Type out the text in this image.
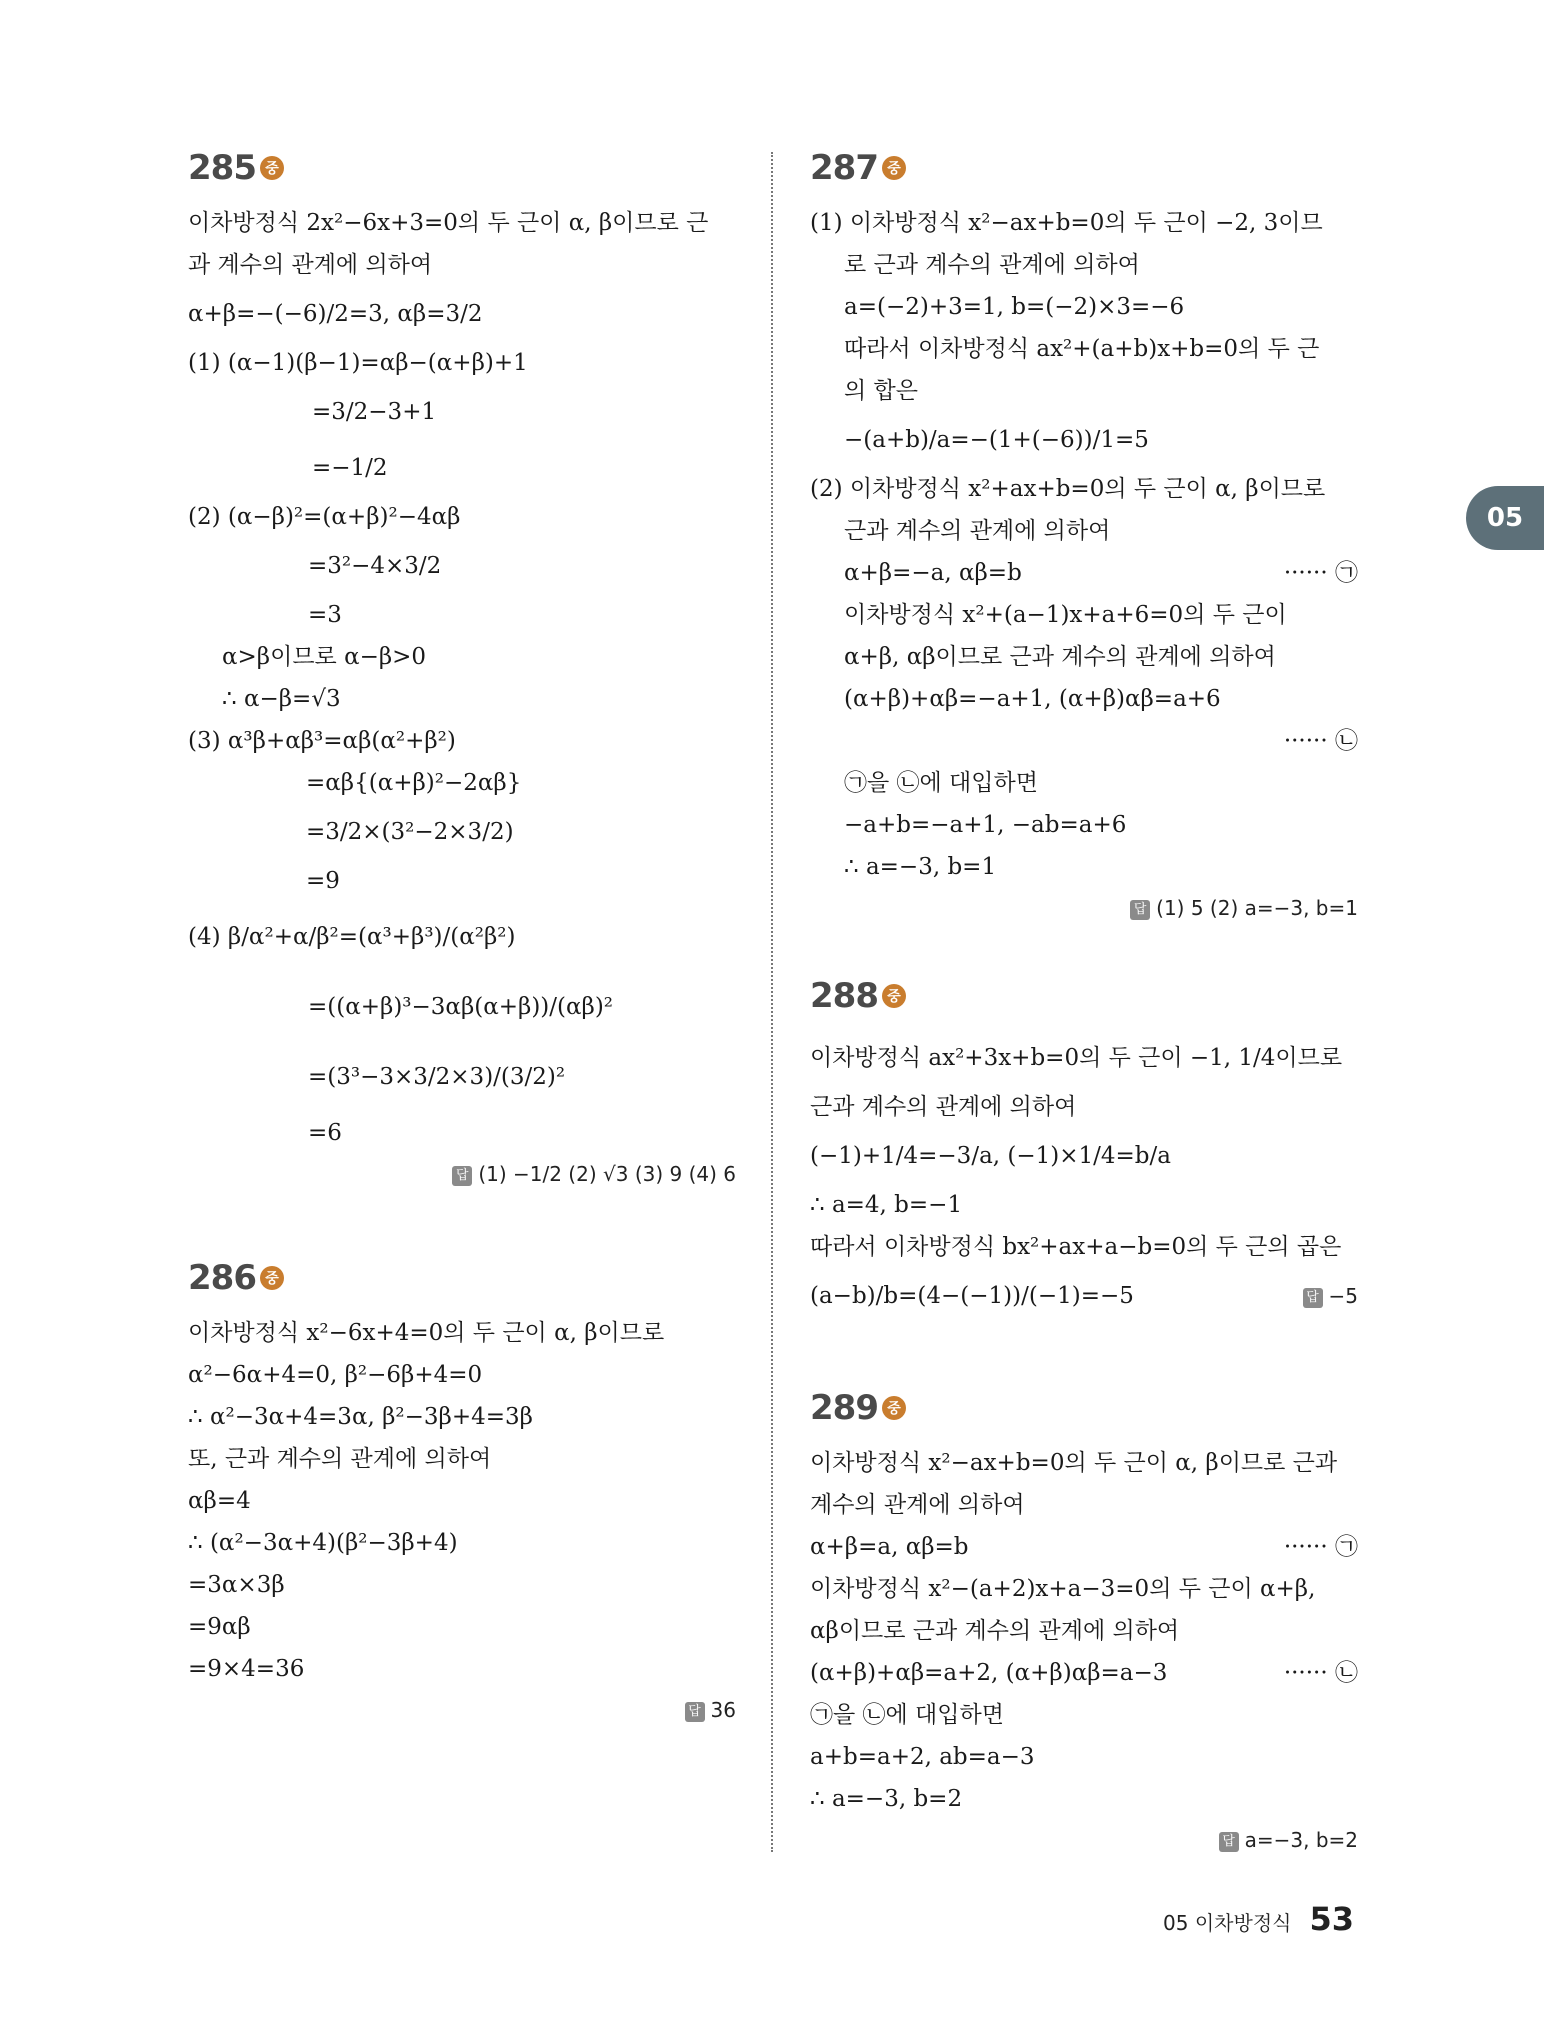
05
285 중
이차방정식 2x²−6x+3=0의 두 근이 α, β이므로 근
과 계수의 관계에 의하여
α+β=−(−6)/2=3, αβ=3/2
(1) (α−1)(β−1)=αβ−(α+β)+1
=3/2−3+1
=−1/2
(2) (α−β)²=(α+β)²−4αβ
=3²−4×3/2
=3
α>β이므로 α−β>0
∴ α−β=√3
(3) α³β+αβ³=αβ(α²+β²)
=αβ{(α+β)²−2αβ}
=3/2×(3²−2×3/2)
=9
(4) β/α²+α/β²=(α³+β³)/(α²β²)
=((α+β)³−3αβ(α+β))/(αβ)²
=(3³−3×3/2×3)/(3/2)²
=6
답 (1) −1/2 (2) √3 (3) 9 (4) 6
286 중
이차방정식 x²−6x+4=0의 두 근이 α, β이므로
α²−6α+4=0, β²−6β+4=0
∴ α²−3α+4=3α, β²−3β+4=3β
또, 근과 계수의 관계에 의하여
αβ=4
∴ (α²−3α+4)(β²−3β+4)
=3α×3β
=9αβ
=9×4=36
답 36
287 중
(1) 이차방정식 x²−ax+b=0의 두 근이 −2, 3이므
로 근과 계수의 관계에 의하여
a=(−2)+3=1, b=(−2)×3=−6
따라서 이차방정식 ax²+(a+b)x+b=0의 두 근
의 합은
−(a+b)/a=−(1+(−6))/1=5
(2) 이차방정식 x²+ax+b=0의 두 근이 α, β이므로
근과 계수의 관계에 의하여
α+β=−a, αβ=b	······ ㉠
이차방정식 x²+(a−1)x+a+6=0의 두 근이
α+β, αβ이므로 근과 계수의 관계에 의하여
(α+β)+αβ=−a+1, (α+β)αβ=a+6
······ ㉡
㉠을 ㉡에 대입하면
−a+b=−a+1, −ab=a+6
∴ a=−3, b=1
답 (1) 5 (2) a=−3, b=1
288 중
이차방정식 ax²+3x+b=0의 두 근이 −1, 1/4이므로
근과 계수의 관계에 의하여
(−1)+1/4=−3/a, (−1)×1/4=b/a
∴ a=4, b=−1
따라서 이차방정식 bx²+ax+a−b=0의 두 근의 곱은
(a−b)/b=(4−(−1))/(−1)=−5	답 −5
289 중
이차방정식 x²−ax+b=0의 두 근이 α, β이므로 근과
계수의 관계에 의하여
α+β=a, αβ=b	······ ㉠
이차방정식 x²−(a+2)x+a−3=0의 두 근이 α+β,
αβ이므로 근과 계수의 관계에 의하여
(α+β)+αβ=a+2, (α+β)αβ=a−3	······ ㉡
㉠을 ㉡에 대입하면
a+b=a+2, ab=a−3
∴ a=−3, b=2
답 a=−3, b=2
05 이차방정식 53
